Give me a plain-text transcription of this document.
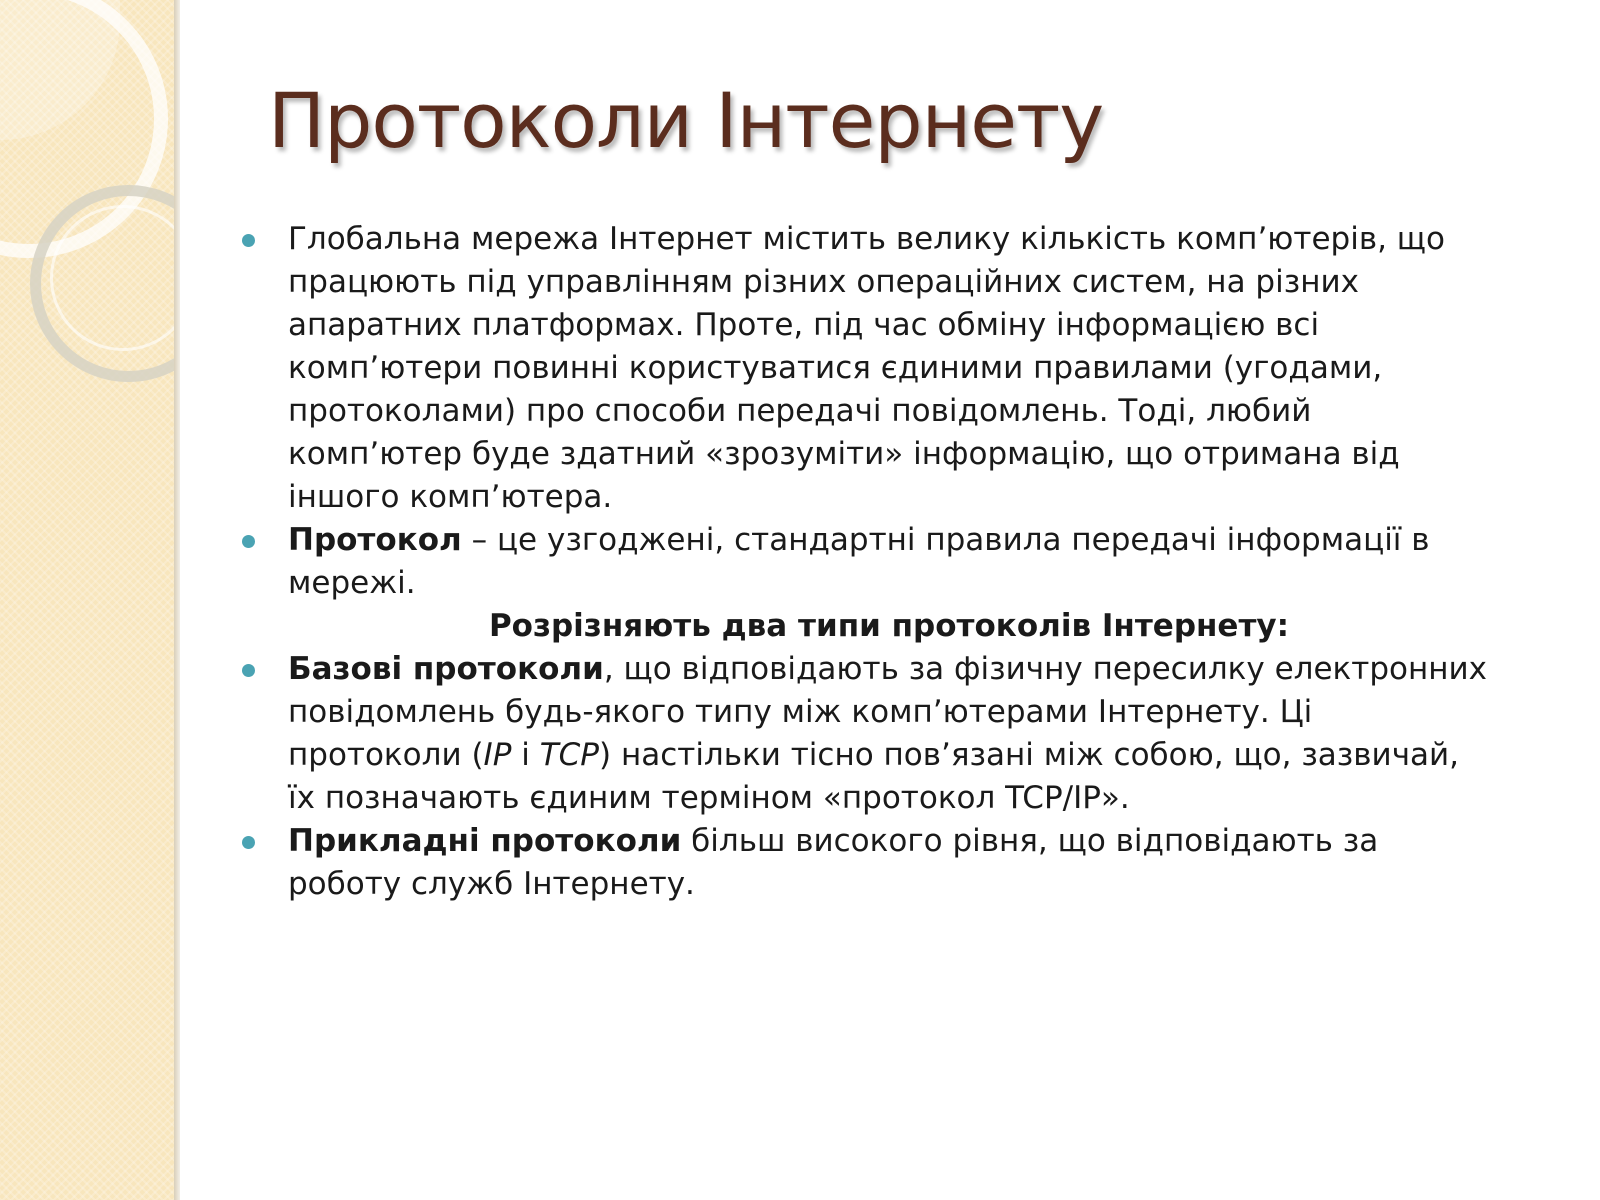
Протоколи Інтернету

Глобальна мережа Інтернет містить велику кількість комп’ютерів, що працюють під управлінням різних операційних систем, на різних апаратних платформах. Проте, під час обміну інформацією всі комп’ютери повинні користуватися єдиними правилами (угодами, протоколами) про способи передачі повідомлень. Тоді, любий комп’ютер буде здатний «зрозуміти» інформацію, що отримана від іншого комп’ютера.

Протокол – це узгоджені, стандартні правила передачі інформації в мережі.

Розрізняють два типи протоколів Інтернету:

Базові протоколи, що відповідають за фізичну пересилку електронних повідомлень будь-якого типу між комп’ютерами Інтернету. Ці протоколи (IP і TCP) настільки тісно пов’язані між собою, що, зазвичай, їх позначають єдиним терміном «протокол TCP/IP».

Прикладні протоколи більш високого рівня, що відповідають за роботу служб Інтернету.
